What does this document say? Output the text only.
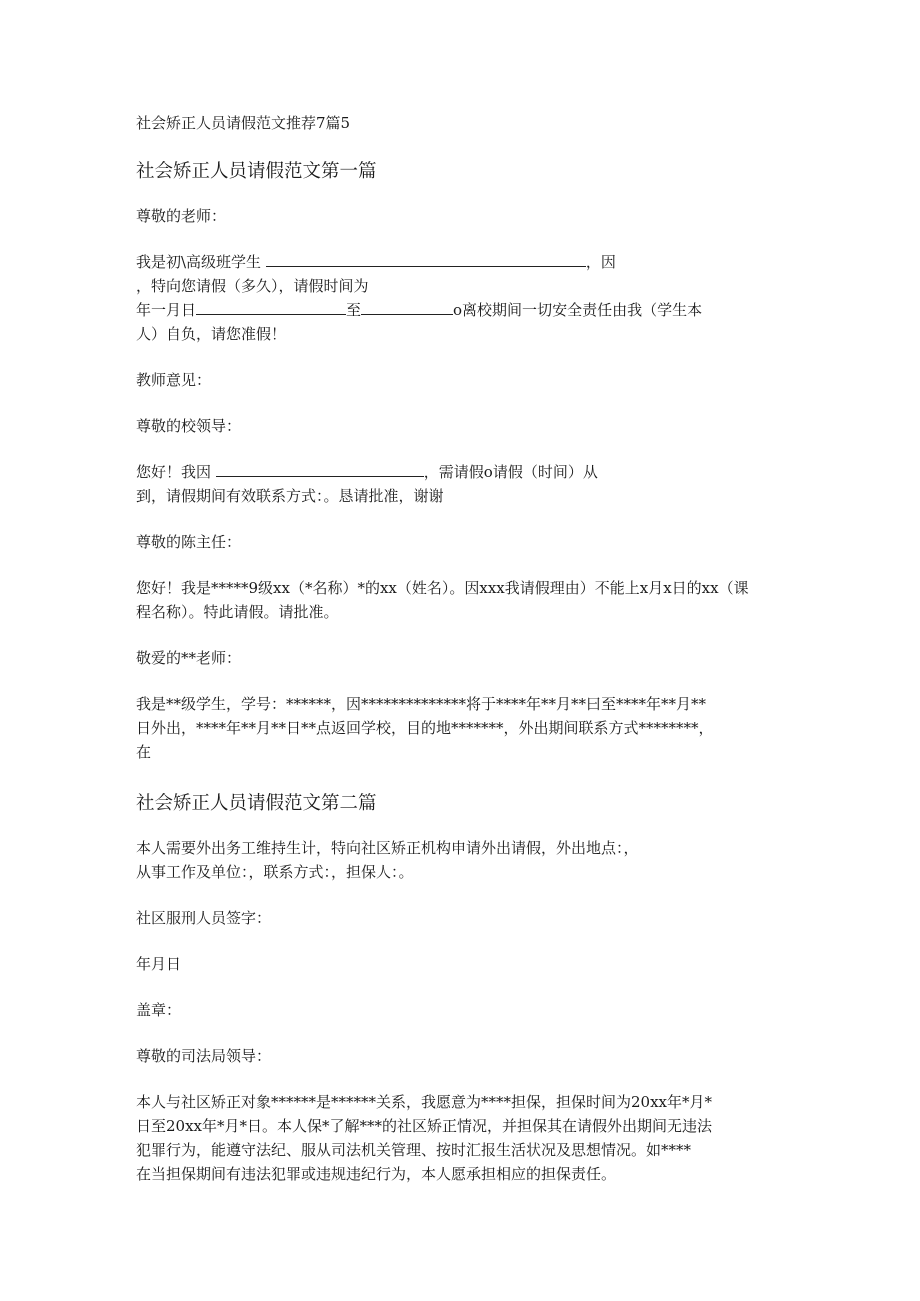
社会矫正人员请假范文推荐7篇5
社会矫正人员请假范文第一篇

尊敬的老师：

我是初\高级班学生	，因
，特向您请假（多久），请假时间为
年一月日	至	o离校期间一切安全责任由我（学生本
人）自负，请您准假！

教师意见：

尊敬的校领导：

您好！我因	，需请假o请假（时间）从
到，请假期间有效联系方式：。恳请批准，谢谢

尊敬的陈主任：

您好！我是*****9级xx（*名称）*的xx（姓名）。因xxx我请假理由）不能上x月x日的xx（课
程名称）。特此请假。请批准。

敬爱的**老师：

我是**级学生，学号：******，因**************将于****年**月**曰至****年**月**
日外出，****年**月**日**点返回学校，目的地*******，外出期间联系方式********，
在

社会矫正人员请假范文第二篇

本人需要外出务工维持生计，特向社区矫正机构申请外出请假，外出地点：，
从事工作及单位：，联系方式：，担保人：。

社区服刑人员签字：

年月日

盖章：

尊敬的司法局领导：

本人与社区矫正对象******是******关系，我愿意为****担保，担保时间为20xx年*月*
日至20xx年*月*日。本人保*了解***的社区矫正情况，并担保其在请假外出期间无违法
犯罪行为，能遵守法纪、服从司法机关管理、按时汇报生活状况及思想情况。如****
在当担保期间有违法犯罪或违规违纪行为，本人愿承担相应的担保责任。
